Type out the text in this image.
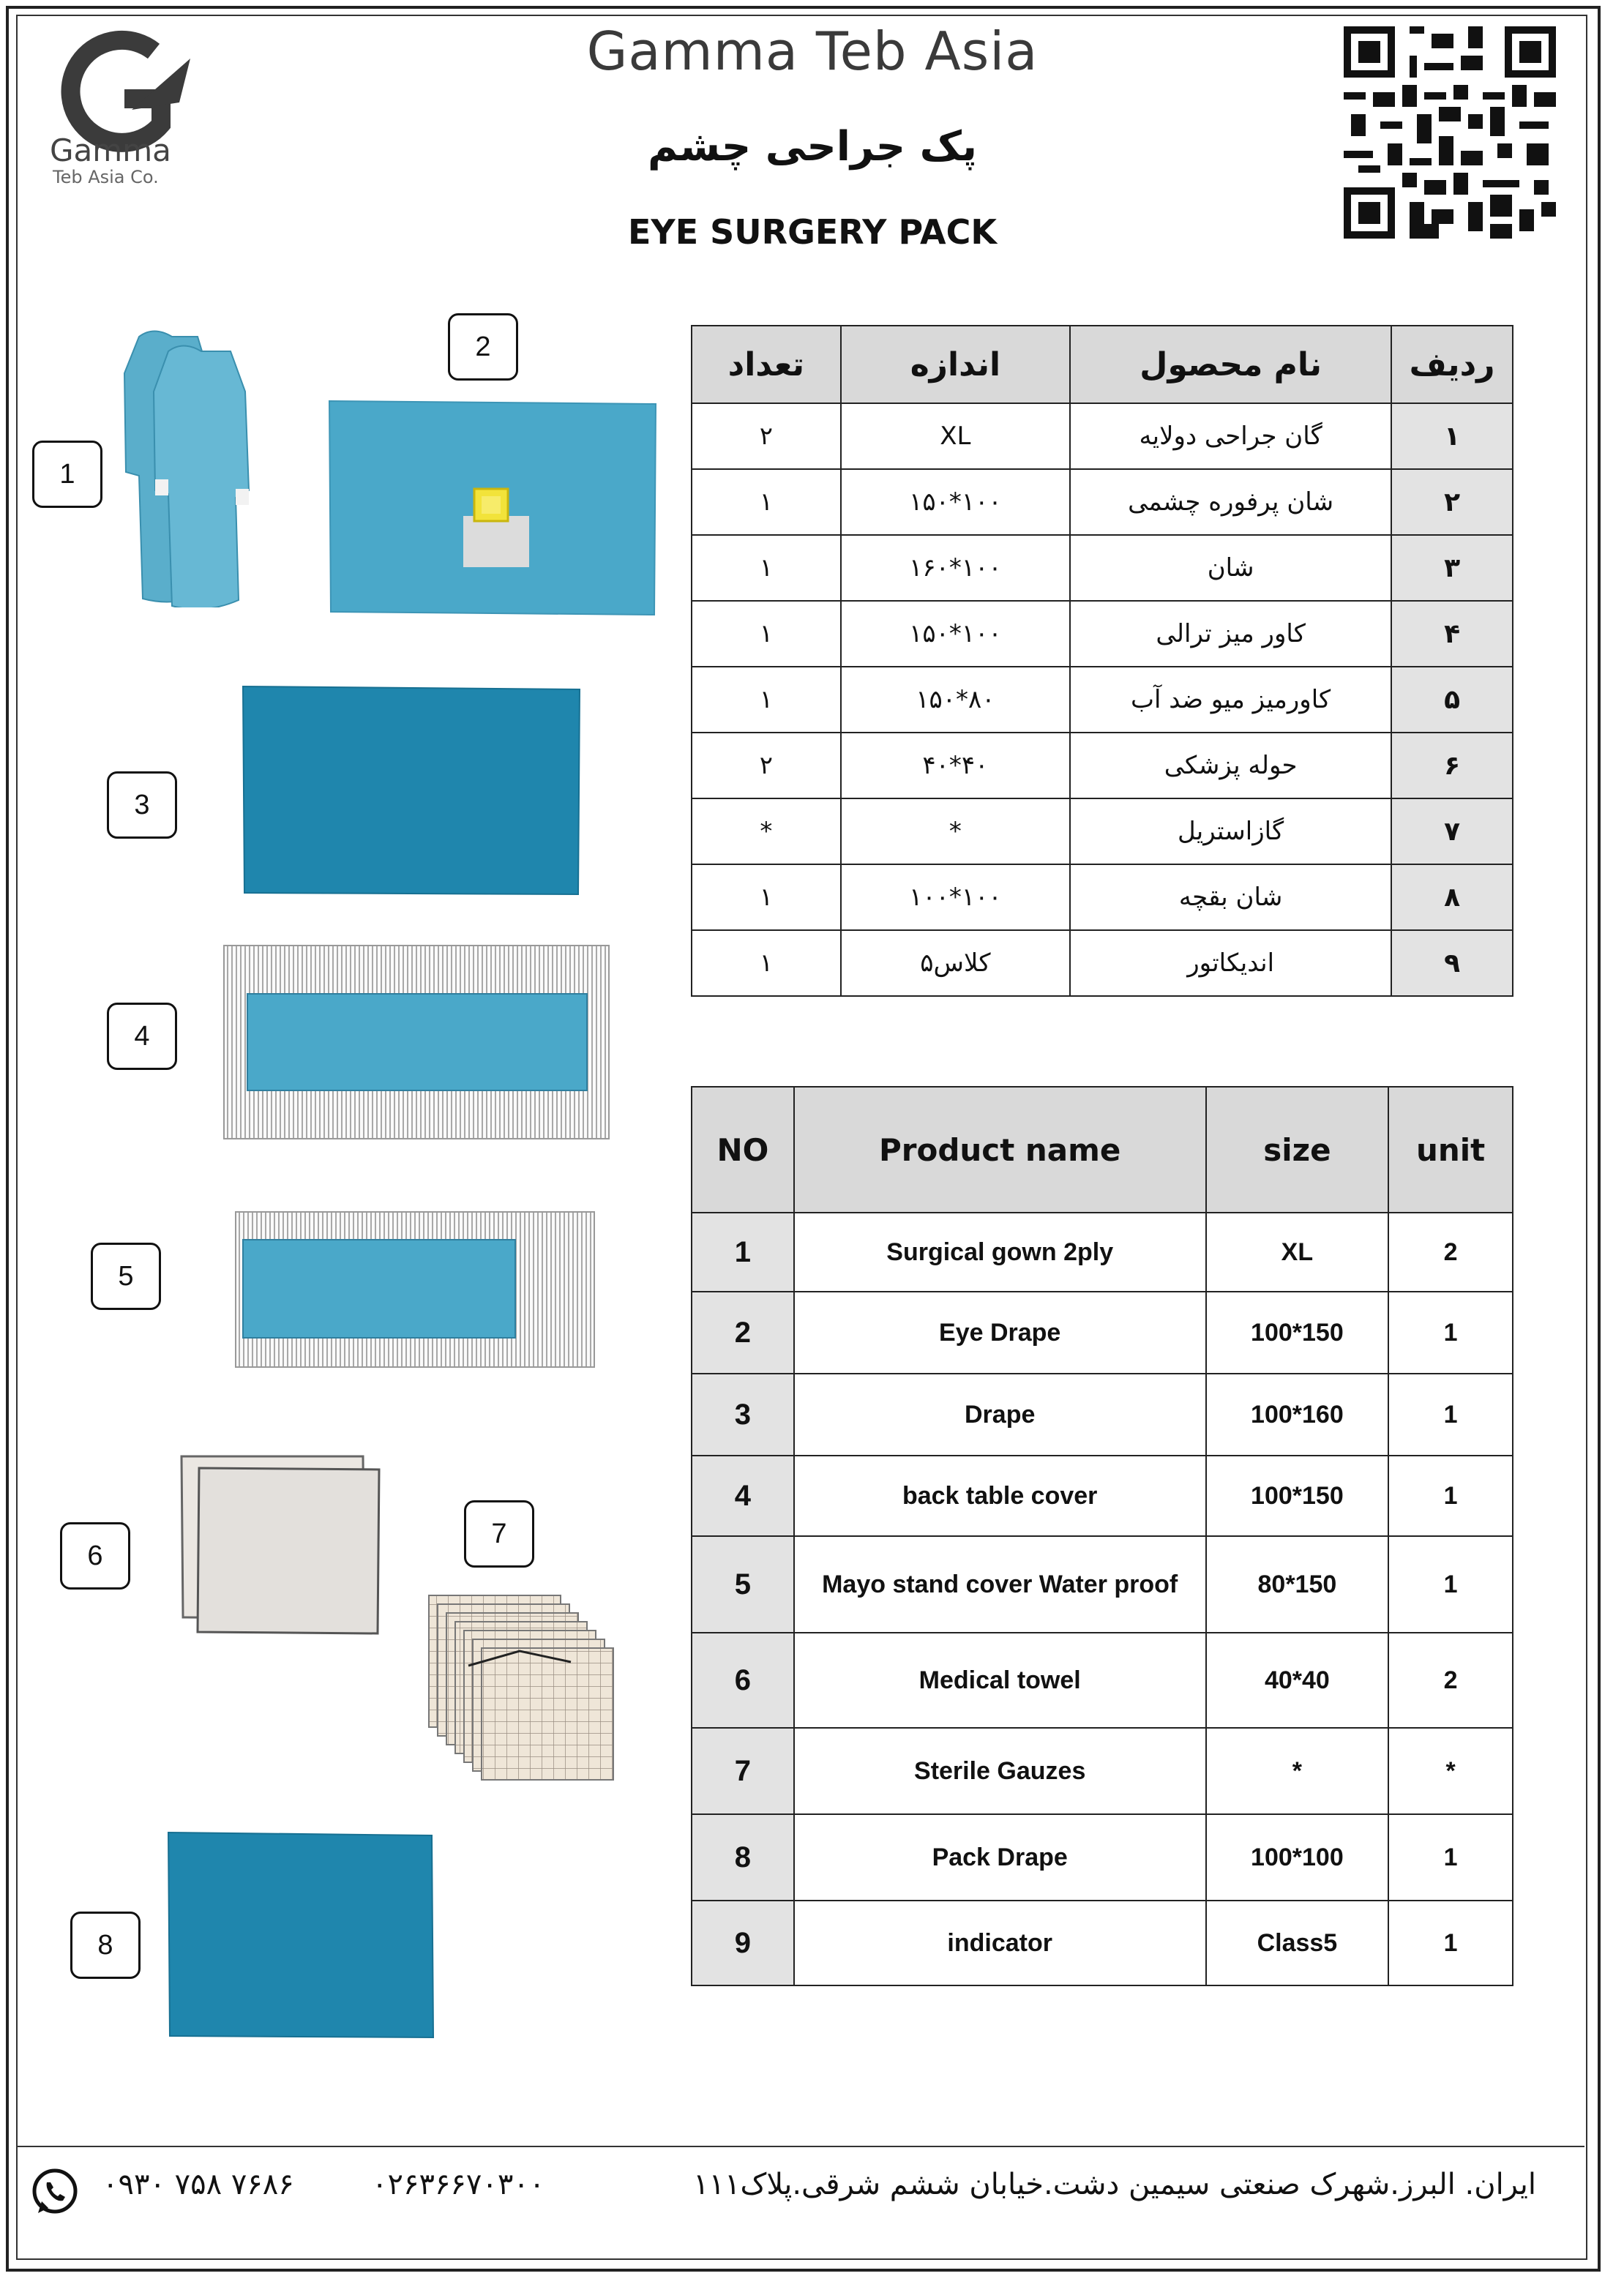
Gamma
Teb Asia Co.
Gamma Teb Asia
پک جراحی چشم
EYE SURGERY PACK
1
2
3
4
5
6
7
8
ردیف	نام محصول	اندازه	تعداد
۱	گان جراحی دولایه	XL	۲
۲	شان پرفوره چشمی	۱۰۰*۱۵۰	۱
۳	شان	۱۰۰*۱۶۰	۱
۴	کاور میز ترالی	۱۰۰*۱۵۰	۱
۵	کاورمیز میو ضد آب	۸۰*۱۵۰	۱
۶	حوله پزشکی	۴۰*۴۰	۲
۷	گازاستریل	*	*
۸	شان بقچه	۱۰۰*۱۰۰	۱
۹	اندیکاتور	کلاس۵	۱
NO	Product name	size	unit
1	Surgical gown 2ply	XL	2
2	Eye Drape	100*150	1
3	Drape	100*160	1
4	back table cover	100*150	1
5	Mayo stand cover Water proof	80*150	1
6	Medical towel	40*40	2
7	Sterile Gauzes	*	*
8	Pack Drape	100*100	1
9	indicator	Class5	1
۰۹۳۰ ۷۵۸ ۷۶۸۶	۰۲۶۳۶۶۷۰۳۰۰	ایران. البرز.شهرک صنعتی سیمین دشت.خیابان ششم شرقی.پلاک۱۱۱
